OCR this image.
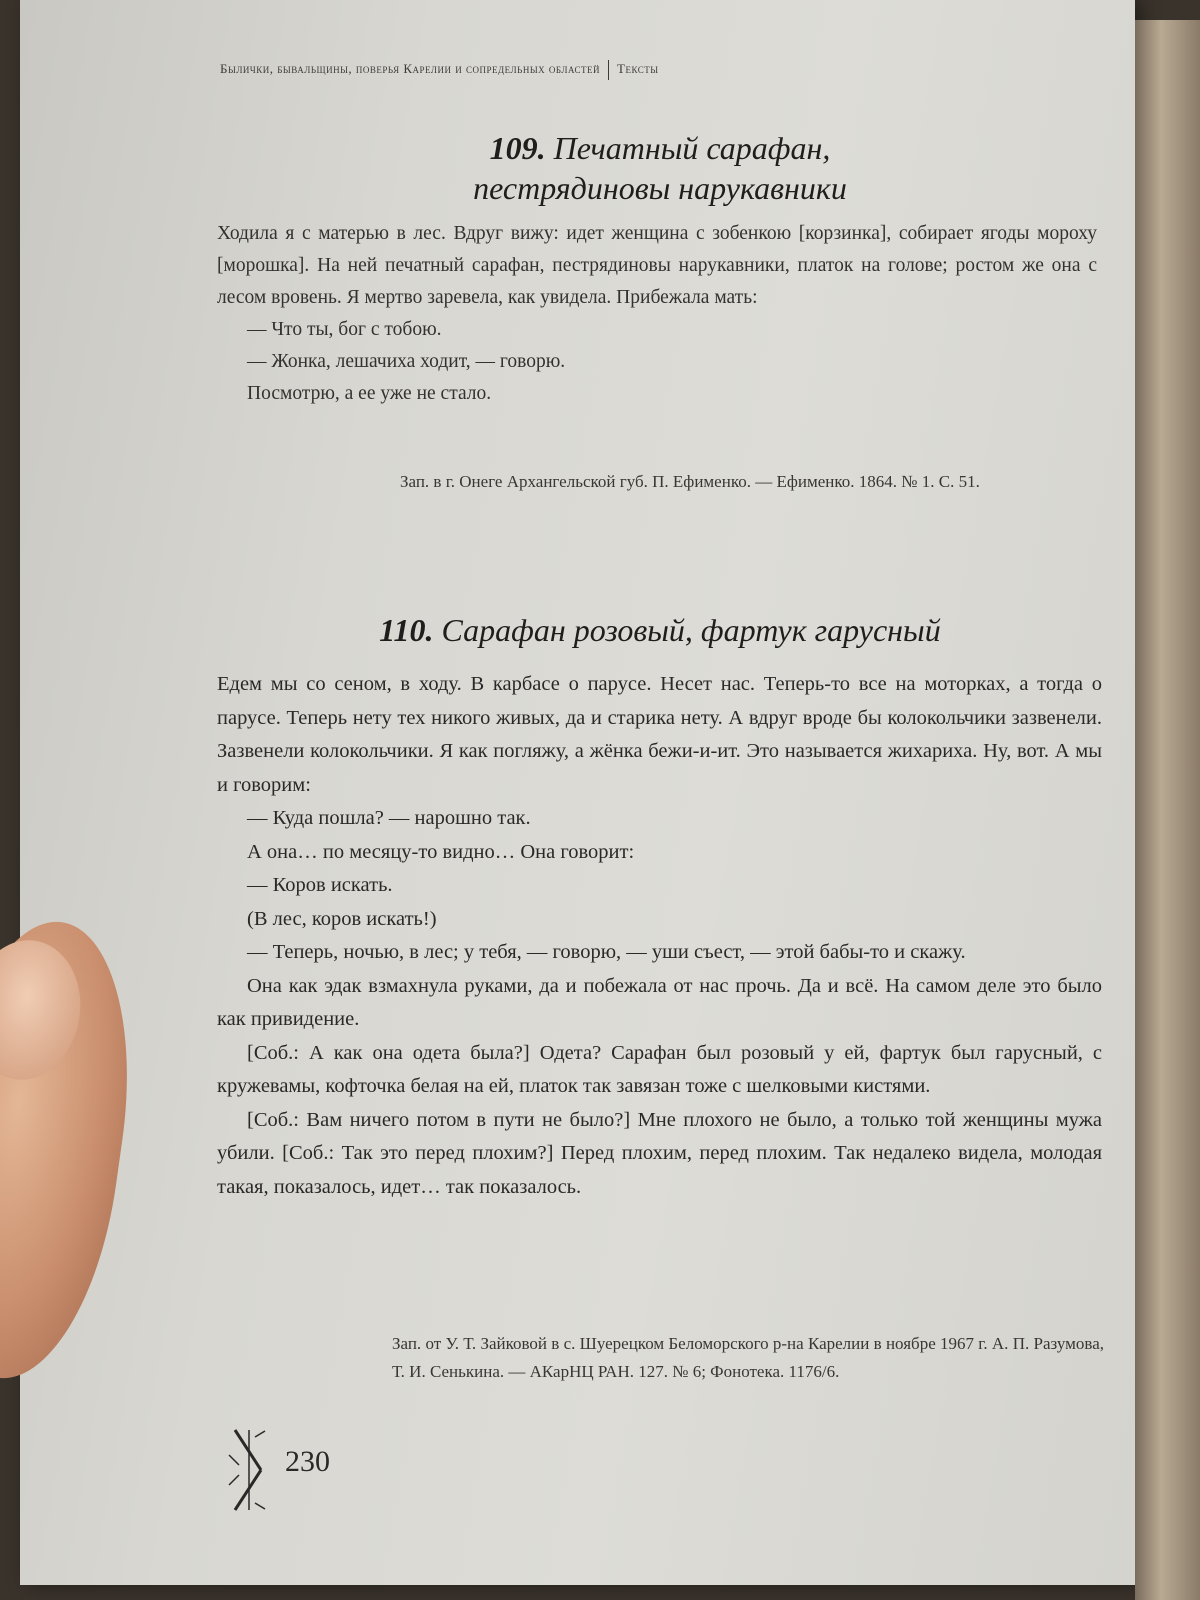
Былички, бывальщины, поверья Карелии и сопредельных областей Тексты
109. Печатный сарафан,
пестрядиновы нарукавники

Ходила я с матерью в лес. Вдруг вижу: идет женщина с зобенкою [корзинка], собирает ягоды мороху [морошка]. На ней печатный сарафан, пестрядиновы нарукавники, платок на голове; ростом же она с лесом вровень. Я мертво заревела, как увидела. Прибежала мать:

— Что ты, бог с тобою.

— Жонка, лешачиха ходит, — говорю.

Посмотрю, а ее уже не стало.

Зап. в г. Онеге Архангельской губ. П. Ефименко. — Ефименко. 1864. № 1. С. 51.
110. Сарафан розовый, фартук гарусный

Едем мы со сеном, в ходу. В карбасе о парусе. Несет нас. Теперь-то все на моторках, а тогда о парусе. Теперь нету тех никого живых, да и старика нету. А вдруг вроде бы колокольчики зазвенели. Зазвенели колокольчики. Я как погляжу, а жёнка бежи-и-ит. Это называется жихариха. Ну, вот. А мы и говорим:

— Куда пошла? — нарошно так.

А она… по месяцу-то видно… Она говорит:

— Коров искать.

(В лес, коров искать!)

— Теперь, ночью, в лес; у тебя, — говорю, — уши съест, — этой бабы-то и скажу.

Она как эдак взмахнула руками, да и побежала от нас прочь. Да и всё. На самом деле это было как привидение.

[Соб.: А как она одета была?] Одета? Сарафан был розовый у ей, фартук был гарусный, с кружевамы, кофточка белая на ей, платок так завязан тоже с шелковыми кистями.

[Соб.: Вам ничего потом в пути не было?] Мне плохого не было, а только той женщины мужа убили. [Соб.: Так это перед плохим?] Перед плохим, перед плохим. Так недалеко видела, молодая такая, показалось, идет… так показалось.

Зап. от У. Т. Зайковой в с. Шуерецком Беломорского р-на Карелии в ноябре 1967 г. А. П. Разумова, Т. И. Сенькина. — АКарНЦ РАН. 127. № 6; Фонотека. 1176/6.
230
